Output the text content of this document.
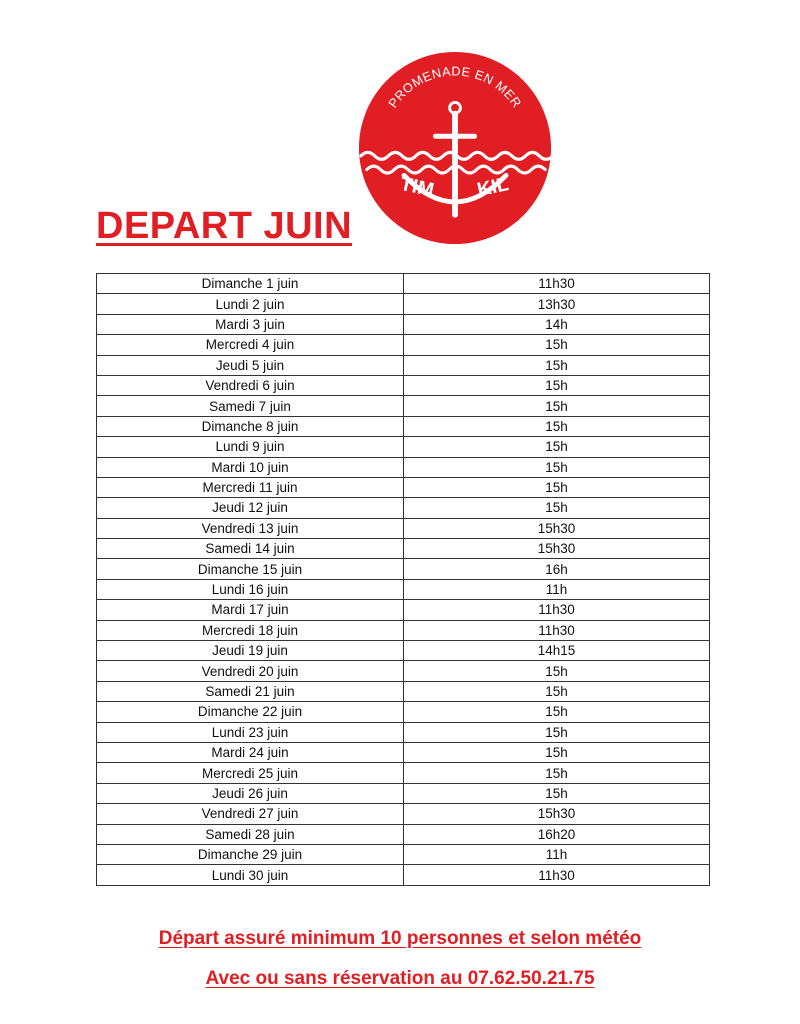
PROMENADE EN MER
TIM KIL
DEPART JUIN
Dimanche 1 juin	11h30
Lundi 2 juin	13h30
Mardi 3 juin	14h
Mercredi 4 juin	15h
Jeudi 5 juin	15h
Vendredi 6 juin	15h
Samedi 7 juin	15h
Dimanche 8 juin	15h
Lundi 9 juin	15h
Mardi 10 juin	15h
Mercredi 11 juin	15h
Jeudi 12 juin	15h
Vendredi 13 juin	15h30
Samedi 14 juin	15h30
Dimanche 15 juin	16h
Lundi 16 juin	11h
Mardi 17 juin	11h30
Mercredi 18 juin	11h30
Jeudi 19 juin	14h15
Vendredi 20 juin	15h
Samedi 21 juin	15h
Dimanche 22 juin	15h
Lundi 23 juin	15h
Mardi 24 juin	15h
Mercredi 25 juin	15h
Jeudi 26 juin	15h
Vendredi 27 juin	15h30
Samedi 28 juin	16h20
Dimanche 29 juin	11h
Lundi 30 juin	11h30

Départ assuré minimum 10 personnes et selon météo

Avec ou sans réservation au 07.62.50.21.75
